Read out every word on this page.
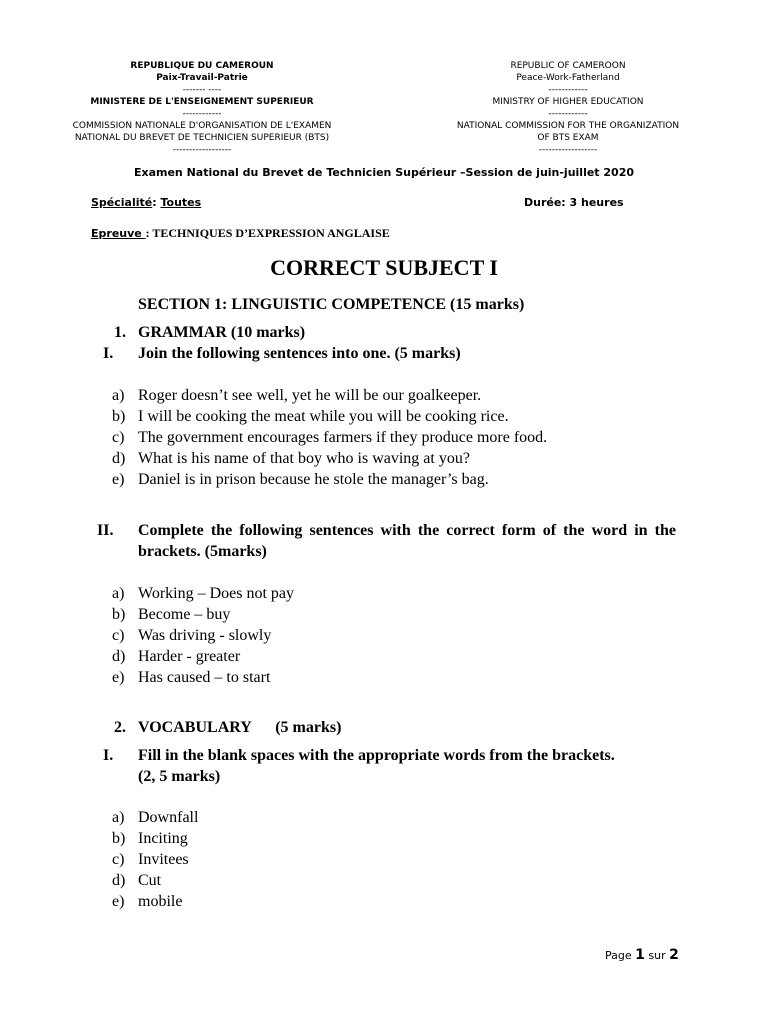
REPUBLIQUE DU CAMEROUN
Paix-Travail-Patrie
------- ----
MINISTERE DE L'ENSEIGNEMENT SUPERIEUR
------------
COMMISSION NATIONALE D'ORGANISATION DE L'EXAMEN
NATIONAL DU BREVET DE TECHNICIEN SUPERIEUR (BTS)
------------------
REPUBLIC OF CAMEROON
Peace-Work-Fatherland
------------
MINISTRY OF HIGHER EDUCATION
------------
NATIONAL COMMISSION FOR THE ORGANIZATION
OF BTS EXAM
------------------
Examen National du Brevet de Technicien Supérieur –Session de juin-juillet 2020
Spécialité: Toutes	Durée: 3 heures
Epreuve : TECHNIQUES D’EXPRESSION ANGLAISE
CORRECT SUBJECT I
SECTION 1: LINGUISTIC COMPETENCE (15 marks)
1. GRAMMAR (10 marks)
I. Join the following sentences into one. (5 marks)
a) Roger doesn’t see well, yet he will be our goalkeeper.
b) I will be cooking the meat while you will be cooking rice.
c) The government encourages farmers if they produce more food.
d) What is his name of that boy who is waving at you?
e) Daniel is in prison because he stole the manager’s bag.
II. Complete the following sentences with the correct form of the word in the brackets. (5marks)
a) Working – Does not pay
b) Become – buy
c) Was driving - slowly
d) Harder - greater
e) Has caused – to start
2. VOCABULARY      (5 marks)
I. Fill in the blank spaces with the appropriate words from the brackets.
(2, 5 marks)
a) Downfall
b) Inciting
c) Invitees
d) Cut
e) mobile
Page 1 sur 2
